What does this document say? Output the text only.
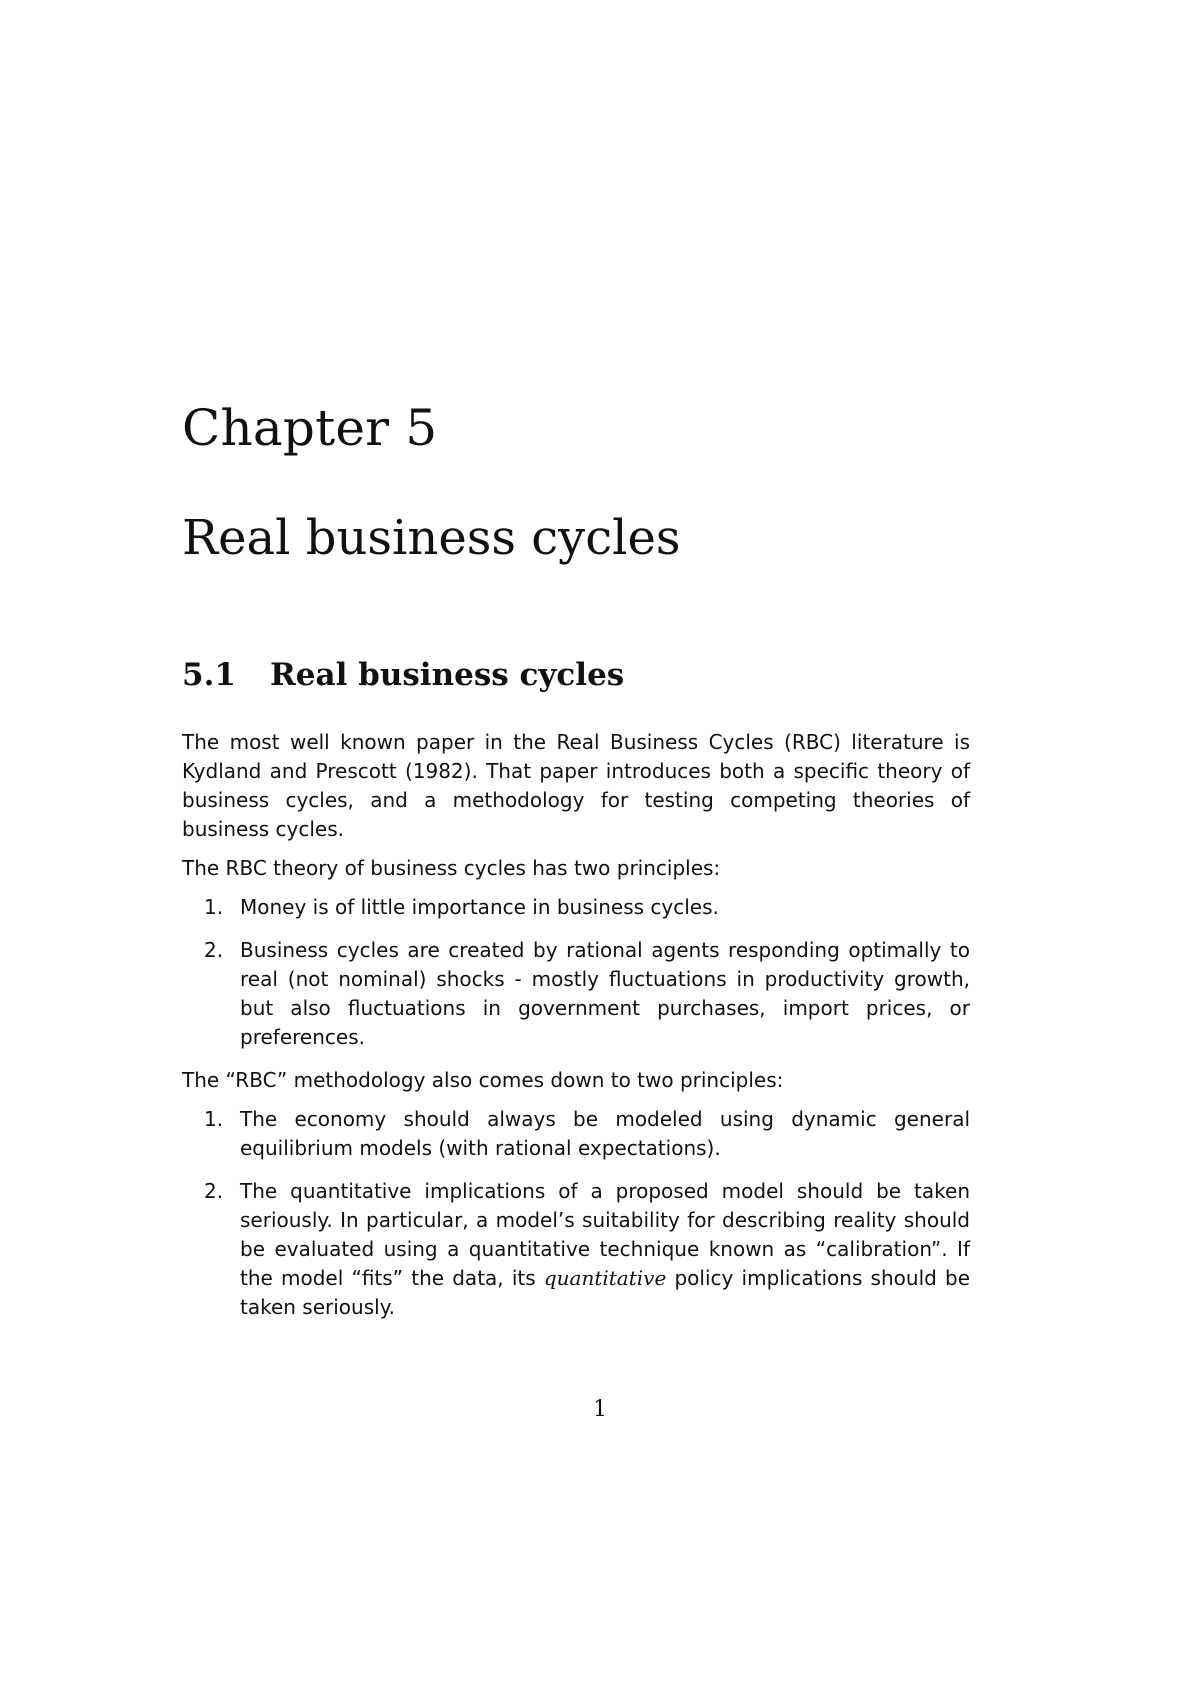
Chapter 5
Real business cycles
5.1 Real business cycles

The most well known paper in the Real Business Cycles (RBC) literature is Kydland and Prescott (1982). That paper introduces both a specific theory of business cycles, and a methodology for testing competing theories of business cycles.

The RBC theory of business cycles has two principles:

1. Money is of little importance in business cycles.
2. Business cycles are created by rational agents responding optimally to real (not nominal) shocks - mostly fluctuations in productivity growth, but also fluctuations in government purchases, import prices, or preferences.

The “RBC” methodology also comes down to two principles:

1. The economy should always be modeled using dynamic general equilibrium models (with rational expectations).
2. The quantitative implications of a proposed model should be taken seriously. In particular, a model’s suitability for describing reality should be evaluated using a quantitative technique known as “calibration”. If the model “fits” the data, its quantitative policy implications should be taken seriously.
1
